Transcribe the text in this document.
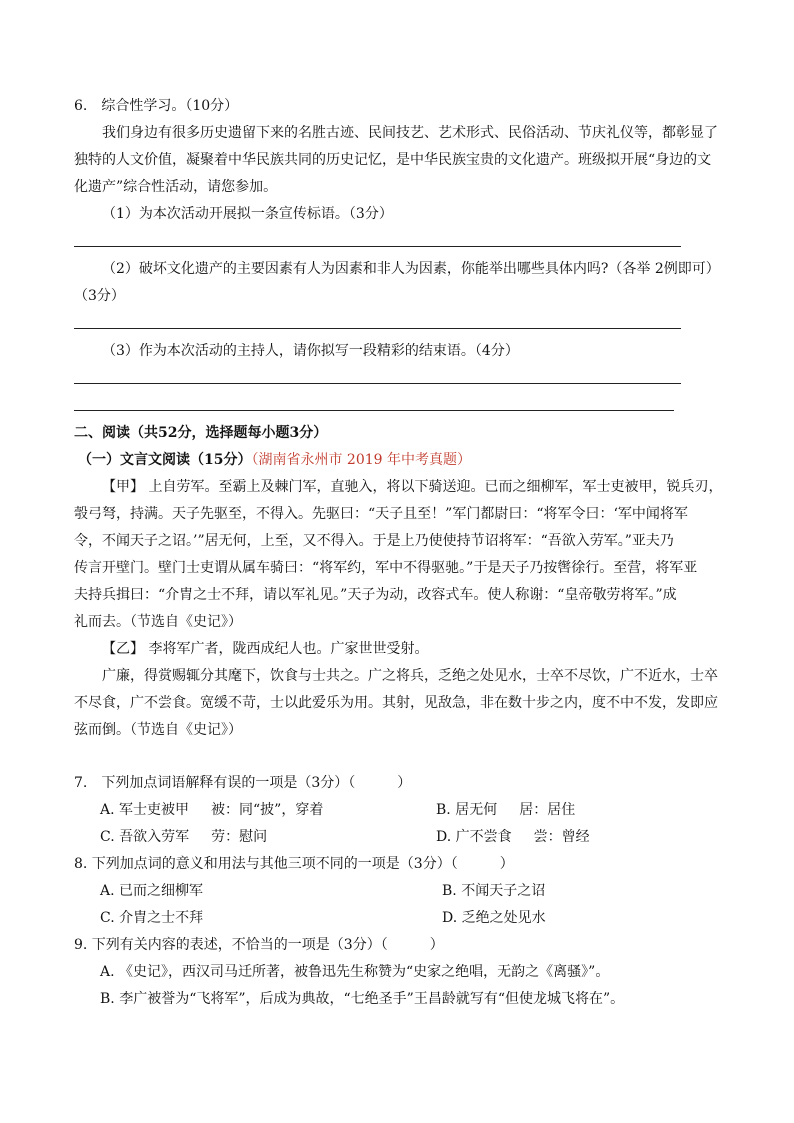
6.　综合性学习。（10分）
我们身边有很多历史遗留下来的名胜古迹、民间技艺、艺术形式、民俗活动、节庆礼仪等，都彰显了
独特的人文价值，凝聚着中华民族共同的历史记忆，是中华民族宝贵的文化遗产。班级拟开展“身边的文
化遗产”综合性活动，请您参加。
（1）为本次活动开展拟一条宣传标语。（3分）
（2）破坏文化遗产的主要因素有人为因素和非人为因素，你能举出哪些具体内吗?（各举 2例即可）
（3分）
（3）作为本次活动的主持人，请你拟写一段精彩的结束语。（4分）
二、阅读（共52分，选择题每小题3分）
（一）文言文阅读（15分）（湖南省永州市 2019 年中考真题）
【甲】 上自劳军。至霸上及棘门军，直驰入，将以下骑送迎。已而之细柳军，军士吏被甲，锐兵刃，
彀弓弩，持满。天子先驱至，不得入。先驱曰：“天子且至！”军门都尉曰：“将军令曰：‘军中闻将军
令，不闻天子之诏。’”居无何，上至，又不得入。于是上乃使使持节诏将军：“吾欲入劳军。”亚夫乃
传言开壁门。壁门士吏谓从属车骑曰：“将军约，军中不得驱驰。”于是天子乃按辔徐行。至营，将军亚
夫持兵揖曰：“介胄之士不拜，请以军礼见。”天子为动，改容式车。使人称谢：“皇帝敬劳将军。”成
礼而去。（节选自《史记》）
【乙】 李将军广者，陇西成纪人也。广家世世受射。
广廉，得赏赐辄分其麾下，饮食与士共之。广之将兵，乏绝之处见水，士卒不尽饮，广不近水，士卒
不尽食，广不尝食。宽缓不苛，士以此爱乐为用。其射，见敌急，非在数十步之内，度不中不发，发即应
弦而倒。（节选自《史记》）
7.　下列加点词语解释有误的一项是（3分）（　　　）
A. 军士吏被甲 被：同“披”，穿着	B. 居无何 居：居住
C. 吾欲入劳军 劳：慰问	D. 广不尝食 尝：曾经
8. 下列加点词的意义和用法与其他三项不同的一项是（3分）（　　　）
A. 已而之细柳军	B. 不闻天子之诏
C. 介胄之士不拜	D. 乏绝之处见水
9. 下列有关内容的表述，不恰当的一项是（3分）（　　　）
A. 《史记》，西汉司马迁所著，被鲁迅先生称赞为“史家之绝唱，无韵之《离骚》”。
B. 李广被誉为“飞将军”，后成为典故，“七绝圣手”王昌龄就写有“但使龙城飞将在”。
